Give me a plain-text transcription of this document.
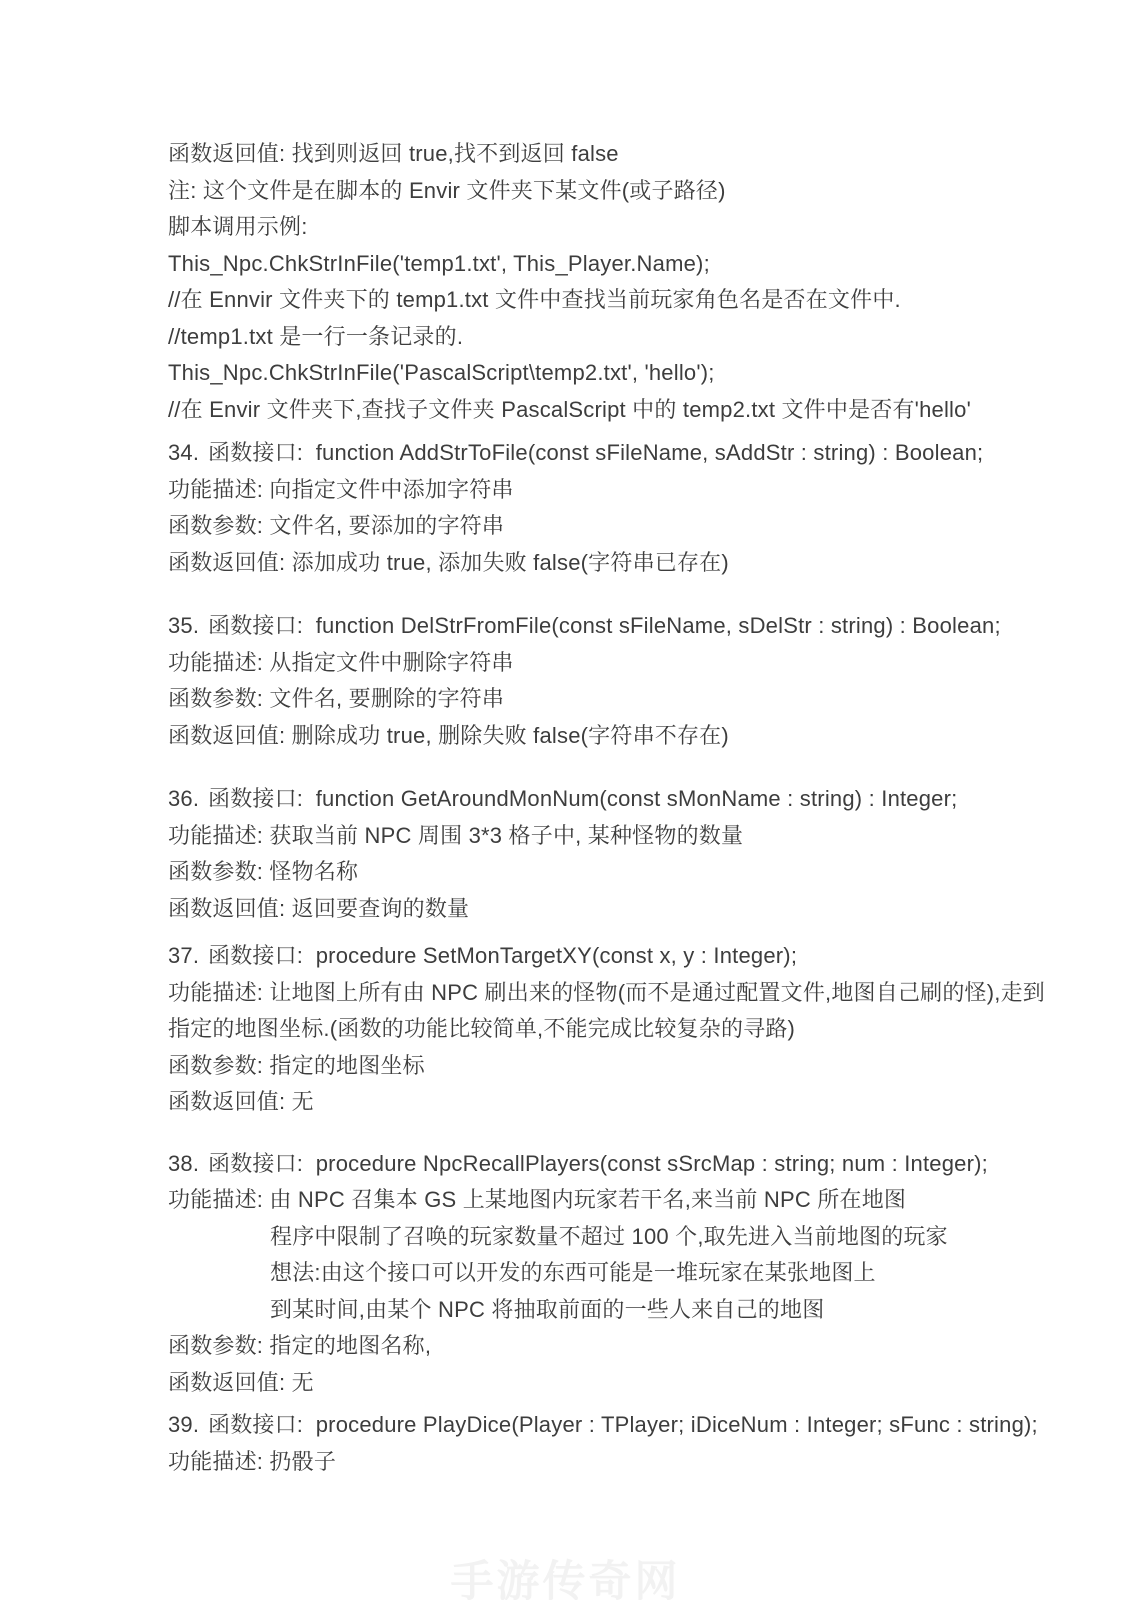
函数返回值: 找到则返回 true,找不到返回 false
注: 这个文件是在脚本的 Envir 文件夹下某文件(或子路径)
脚本调用示例:
This_Npc.ChkStrInFile('temp1.txt', This_Player.Name);
//在 Ennvir 文件夹下的 temp1.txt 文件中查找当前玩家角色名是否在文件中.
//temp1.txt 是一行一条记录的.
This_Npc.ChkStrInFile('PascalScript\temp2.txt', 'hello');
//在 Envir 文件夹下,查找子文件夹 PascalScript 中的 temp2.txt 文件中是否有'hello'
34. 函数接口:  function AddStrToFile(const sFileName, sAddStr : string) : Boolean;
功能描述: 向指定文件中添加字符串
函数参数: 文件名, 要添加的字符串
函数返回值: 添加成功 true, 添加失败 false(字符串已存在)
35. 函数接口:  function DelStrFromFile(const sFileName, sDelStr : string) : Boolean;
功能描述: 从指定文件中删除字符串
函数参数: 文件名, 要删除的字符串
函数返回值: 删除成功 true, 删除失败 false(字符串不存在)
36. 函数接口:  function GetAroundMonNum(const sMonName : string) : Integer;
功能描述: 获取当前 NPC 周围 3*3 格子中, 某种怪物的数量
函数参数: 怪物名称
函数返回值: 返回要查询的数量
37. 函数接口:  procedure SetMonTargetXY(const x, y : Integer);
功能描述: 让地图上所有由 NPC 刷出来的怪物(而不是通过配置文件,地图自己刷的怪),走到
指定的地图坐标.(函数的功能比较简单,不能完成比较复杂的寻路)
函数参数: 指定的地图坐标
函数返回值: 无
38. 函数接口:  procedure NpcRecallPlayers(const sSrcMap : string; num : Integer);
功能描述: 由 NPC 召集本 GS 上某地图内玩家若干名,来当前 NPC 所在地图
程序中限制了召唤的玩家数量不超过 100 个,取先进入当前地图的玩家
想法:由这个接口可以开发的东西可能是一堆玩家在某张地图上
到某时间,由某个 NPC 将抽取前面的一些人来自己的地图
函数参数: 指定的地图名称,
函数返回值: 无
39. 函数接口:  procedure PlayDice(Player : TPlayer; iDiceNum : Integer; sFunc : string);
功能描述: 扔骰子
手游传奇网
